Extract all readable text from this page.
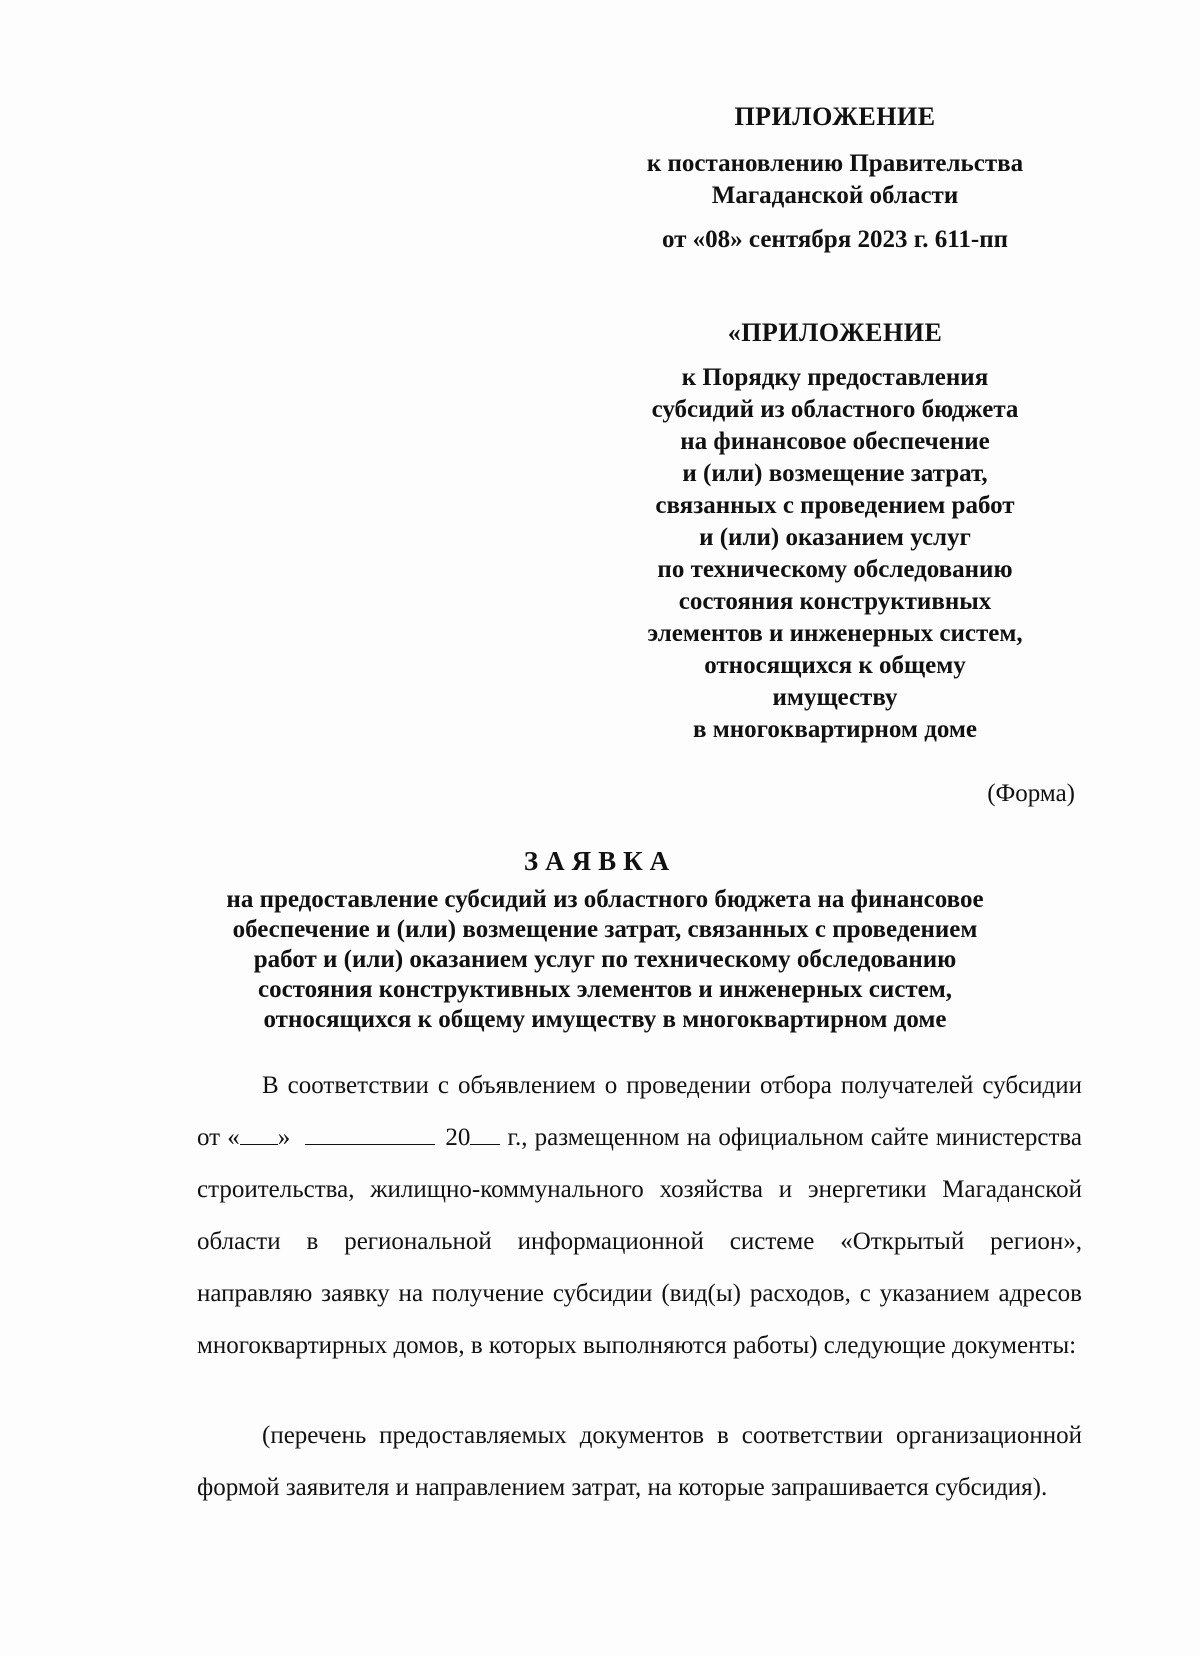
ПРИЛОЖЕНИЕ
к постановлению Правительства
Магаданской области
от «08» сентября 2023 г. 611-пп
«ПРИЛОЖЕНИЕ
к Порядку предоставления
субсидий из областного бюджета
на финансовое обеспечение
и (или) возмещение затрат,
связанных с проведением работ
и (или) оказанием услуг
по техническому обследованию
состояния конструктивных
элементов и инженерных систем,
относящихся к общему
имуществу
в многоквартирном доме
(Форма)
ЗАЯВКА
на предоставление субсидий из областного бюджета на финансовое
обеспечение и (или) возмещение затрат, связанных с проведением
работ и (или) оказанием услуг по техническому обследованию
состояния конструктивных элементов и инженерных систем,
относящихся к общему имуществу в многоквартирном доме
В соответствии с объявлением о проведении отбора получателей субсидии от « »	20 г., размещенном на официальном сайте министерства строительства, жилищно-коммунального хозяйства и энергетики Магаданской области в региональной информационной системе «Открытый регион», направляю заявку на получение субсидии (вид(ы) расходов, с указанием адресов многоквартирных домов, в которых выполняются работы) следующие документы:
(перечень предоставляемых документов в соответствии организационной формой заявителя и направлением затрат, на которые запрашивается субсидия).
